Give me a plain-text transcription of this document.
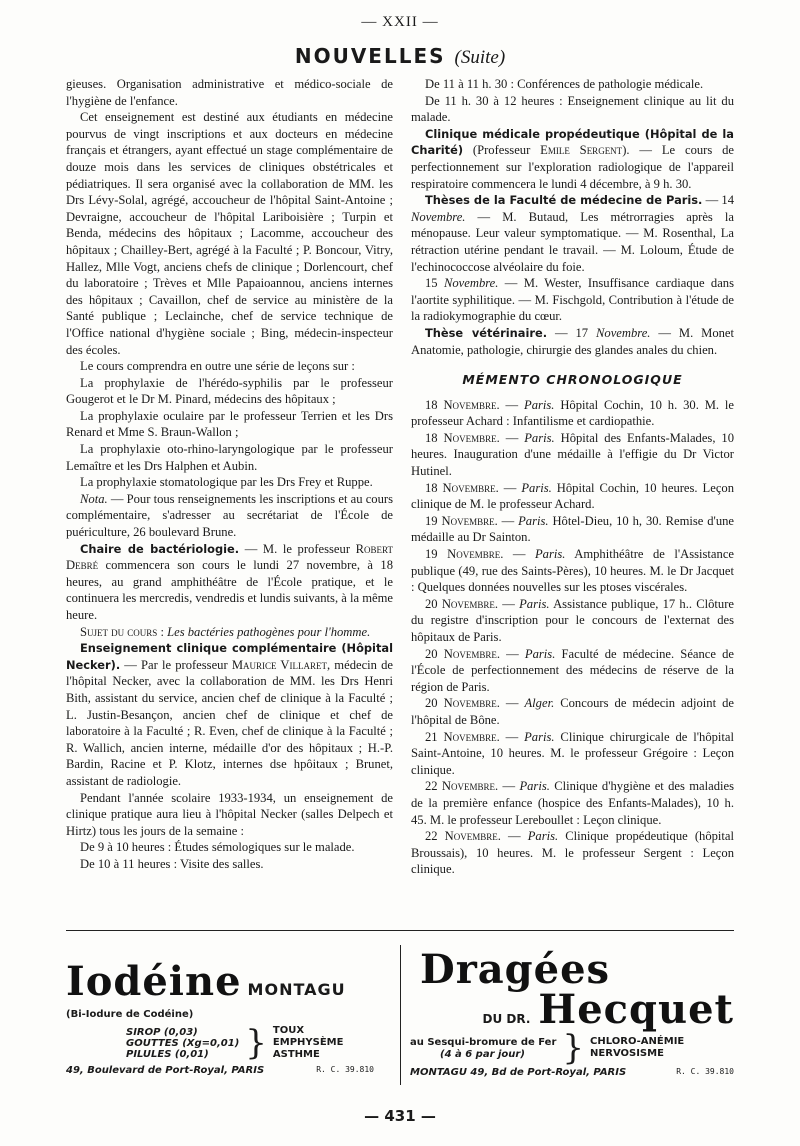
— XXII —
NOUVELLES (Suite)

gieuses. Organisation administrative et médico-sociale de l'hygiène de l'enfance.

Cet enseignement est destiné aux étudiants en médecine pourvus de vingt inscriptions et aux docteurs en médecine français et étrangers, ayant effectué un stage complémentaire de douze mois dans les services de cliniques obstétricales et pédiatriques. Il sera organisé avec la collaboration de MM. les Drs Lévy-Solal, agrégé, accoucheur de l'hôpital Saint-Antoine ; Devraigne, accoucheur de l'hôpital Lariboisière ; Turpin et Benda, médecins des hôpitaux ; Lacomme, accoucheur des hôpitaux ; Chailley-Bert, agrégé à la Faculté ; P. Boncour, Vitry, Hallez, Mlle Vogt, anciens chefs de clinique ; Dorlencourt, chef du laboratoire ; Trèves et Mlle Papaioannou, anciens internes des hôpitaux ; Cavaillon, chef de service au ministère de la Santé publique ; Leclainche, chef de service technique de l'Office national d'hygiène sociale ; Bing, médecin-inspecteur des écoles.

Le cours comprendra en outre une série de leçons sur :

La prophylaxie de l'hérédo-syphilis par le professeur Gougerot et le Dr M. Pinard, médecins des hôpitaux ;

La prophylaxie oculaire par le professeur Terrien et les Drs Renard et Mme S. Braun-Wallon ;

La prophylaxie oto-rhino-laryngologique par le professeur Lemaître et les Drs Halphen et Aubin.

La prophylaxie stomatologique par les Drs Frey et Ruppe.

Nota. — Pour tous renseignements les inscriptions et au cours complémentaire, s'adresser au secrétariat de l'École de puériculture, 26 boulevard Brune.

Chaire de bactériologie. — M. le professeur Robert Debré commencera son cours le lundi 27 novembre, à 18 heures, au grand amphithéâtre de l'École pratique, et le continuera les mercredis, vendredis et lundis suivants, à la même heure.

Sujet du cours : Les bactéries pathogènes pour l'homme.

Enseignement clinique complémentaire (Hôpital Necker). — Par le professeur Maurice Villaret, médecin de l'hôpital Necker, avec la collaboration de MM. les Drs Henri Bith, assistant du service, ancien chef de clinique à la Faculté ; L. Justin-Besançon, ancien chef de clinique et chef de laboratoire à la Faculté ; R. Even, chef de clinique à la Faculté ; R. Wallich, ancien interne, médaille d'or des hôpitaux ; H.-P. Bardin, Racine et P. Klotz, internes dse hpôitaux ; Brunet, assistant de radiologie.

Pendant l'année scolaire 1933-1934, un enseignement de clinique pratique aura lieu à l'hôpital Necker (salles Delpech et Hirtz) tous les jours de la semaine :

De 9 à 10 heures : Études sémologiques sur le malade.

De 10 à 11 heures : Visite des salles.

De 11 à 11 h. 30 : Conférences de pathologie médicale.

De 11 h. 30 à 12 heures : Enseignement clinique au lit du malade.

Clinique médicale propédeutique (Hôpital de la Charité) (Professeur Emile Sergent). — Le cours de perfectionnement sur l'exploration radiologique de l'appareil respiratoire commencera le lundi 4 décembre, à 9 h. 30.

Thèses de la Faculté de médecine de Paris. — 14 Novembre. — M. Butaud, Les métrorragies après la ménopause. Leur valeur symptomatique. — M. Rosenthal, La rétraction utérine pendant le travail. — M. Loloum, Étude de l'echinococcose alvéolaire du foie.

15 Novembre. — M. Wester, Insuffisance cardiaque dans l'aortite syphilitique. — M. Fischgold, Contribution à l'étude de la radiokymographie du cœur.

Thèse vétérinaire. — 17 Novembre. — M. Monet Anatomie, pathologie, chirurgie des glandes anales du chien.

MÉMENTO CHRONOLOGIQUE

18 Novembre. — Paris. Hôpital Cochin, 10 h. 30. M. le professeur Achard : Infantilisme et cardiopathie.

18 Novembre. — Paris. Hôpital des Enfants-Malades, 10 heures. Inauguration d'une médaille à l'effigie du Dr Victor Hutinel.

18 Novembre. — Paris. Hôpital Cochin, 10 heures. Leçon clinique de M. le professeur Achard.

19 Novembre. — Paris. Hôtel-Dieu, 10 h, 30. Remise d'une médaille au Dr Sainton.

19 Novembre. — Paris. Amphithéâtre de l'Assistance publique (49, rue des Saints-Pères), 10 heures. M. le Dr Jacquet : Quelques données nouvelles sur les ptoses viscérales.

20 Novembre. — Paris. Assistance publique, 17 h.. Clôture du registre d'inscription pour le concours de l'externat des hôpitaux de Paris.

20 Novembre. — Paris. Faculté de médecine. Séance de l'École de perfectionnement des médecins de réserve de la région de Paris.

20 Novembre. — Alger. Concours de médecin adjoint de l'hôpital de Bône.

21 Novembre. — Paris. Clinique chirurgicale de l'hôpital Saint-Antoine, 10 heures. M. le professeur Grégoire : Leçon clinique.

22 Novembre. — Paris. Clinique d'hygiène et des maladies de la première enfance (hospice des Enfants-Malades), 10 h. 45. M. le professeur Lereboullet : Leçon clinique.

22 Novembre. — Paris. Clinique propédeutique (hôpital Broussais), 10 heures. M. le professeur Sergent : Leçon clinique.

Iodéine MONTAGU
(Bi-Iodure de Codéine)
SIROP (0,03)
GOUTTES (Xg=0,01)
PILULES (0,01)	} TOUX
EMPHYSÈME
ASTHME
49, Boulevard de Port-Royal, PARIS	R. C. 39.810
Dragées
DU DR. Hecquet
au Sesqui-bromure de Fer
(4 à 6 par jour)	} CHLORO-ANÉMIE
NERVOSISME
MONTAGU 49, Bd de Port-Royal, PARIS	R. C. 39.810
— 431 —
